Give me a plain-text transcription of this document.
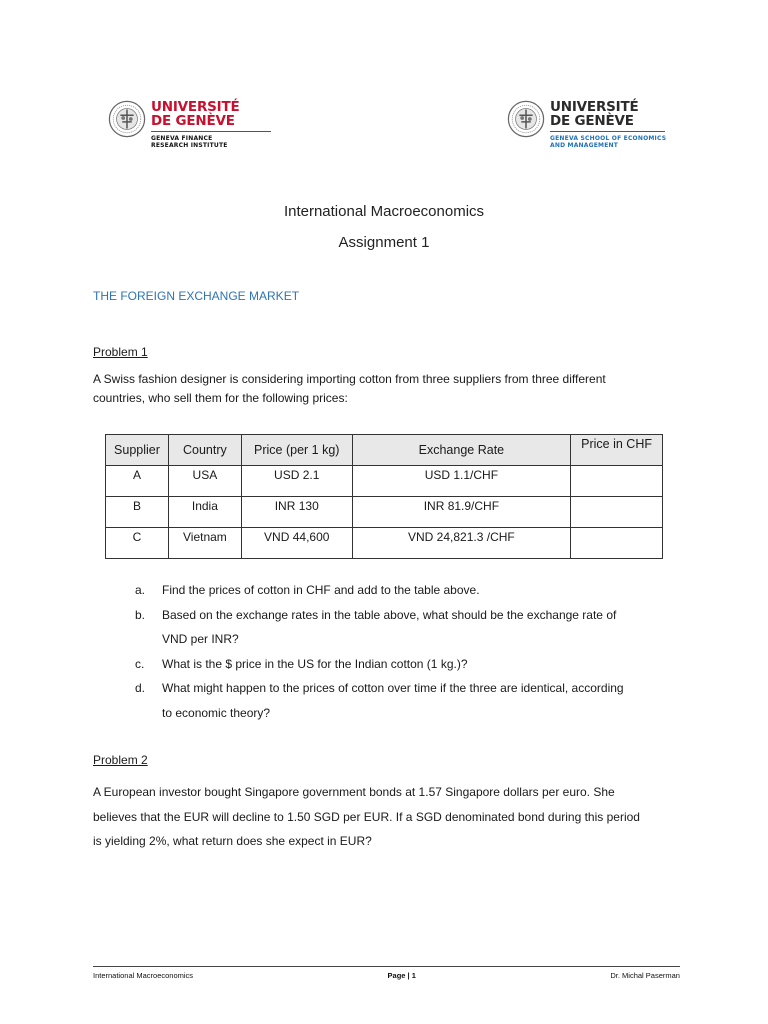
UNIVERSITÉ
DE GENÈVE
GENEVA FINANCE
RESEARCH INSTITUTE
UNIVERSITÉ
DE GENÈVE
GENEVA SCHOOL OF ECONOMICS
AND MANAGEMENT
International Macroeconomics
Assignment 1
THE FOREIGN EXCHANGE MARKET
Problem 1
A Swiss fashion designer is considering importing cotton from three suppliers from three different
countries, who sell them for the following prices:
Supplier	Country	Price (per 1 kg)	Exchange Rate	Price in CHF
A	USA	USD 2.1	USD 1.1/CHF	
B	India	INR 130	INR 81.9/CHF	
C	Vietnam	VND 44,600	VND 24,821.3 /CHF	
a.	Find the prices of cotton in CHF and add to the table above.
b.	Based on the exchange rates in the table above, what should be the exchange rate of
VND per INR?
c.	What is the $ price in the US for the Indian cotton (1 kg.)?
d.	What might happen to the prices of cotton over time if the three are identical, according
to economic theory?
Problem 2
A European investor bought Singapore government bonds at 1.57 Singapore dollars per euro. She
believes that the EUR will decline to 1.50 SGD per EUR. If a SGD denominated bond during this period
is yielding 2%, what return does she expect in EUR?
International Macroeconomics	Page | 1	Dr. Michal Paserman
